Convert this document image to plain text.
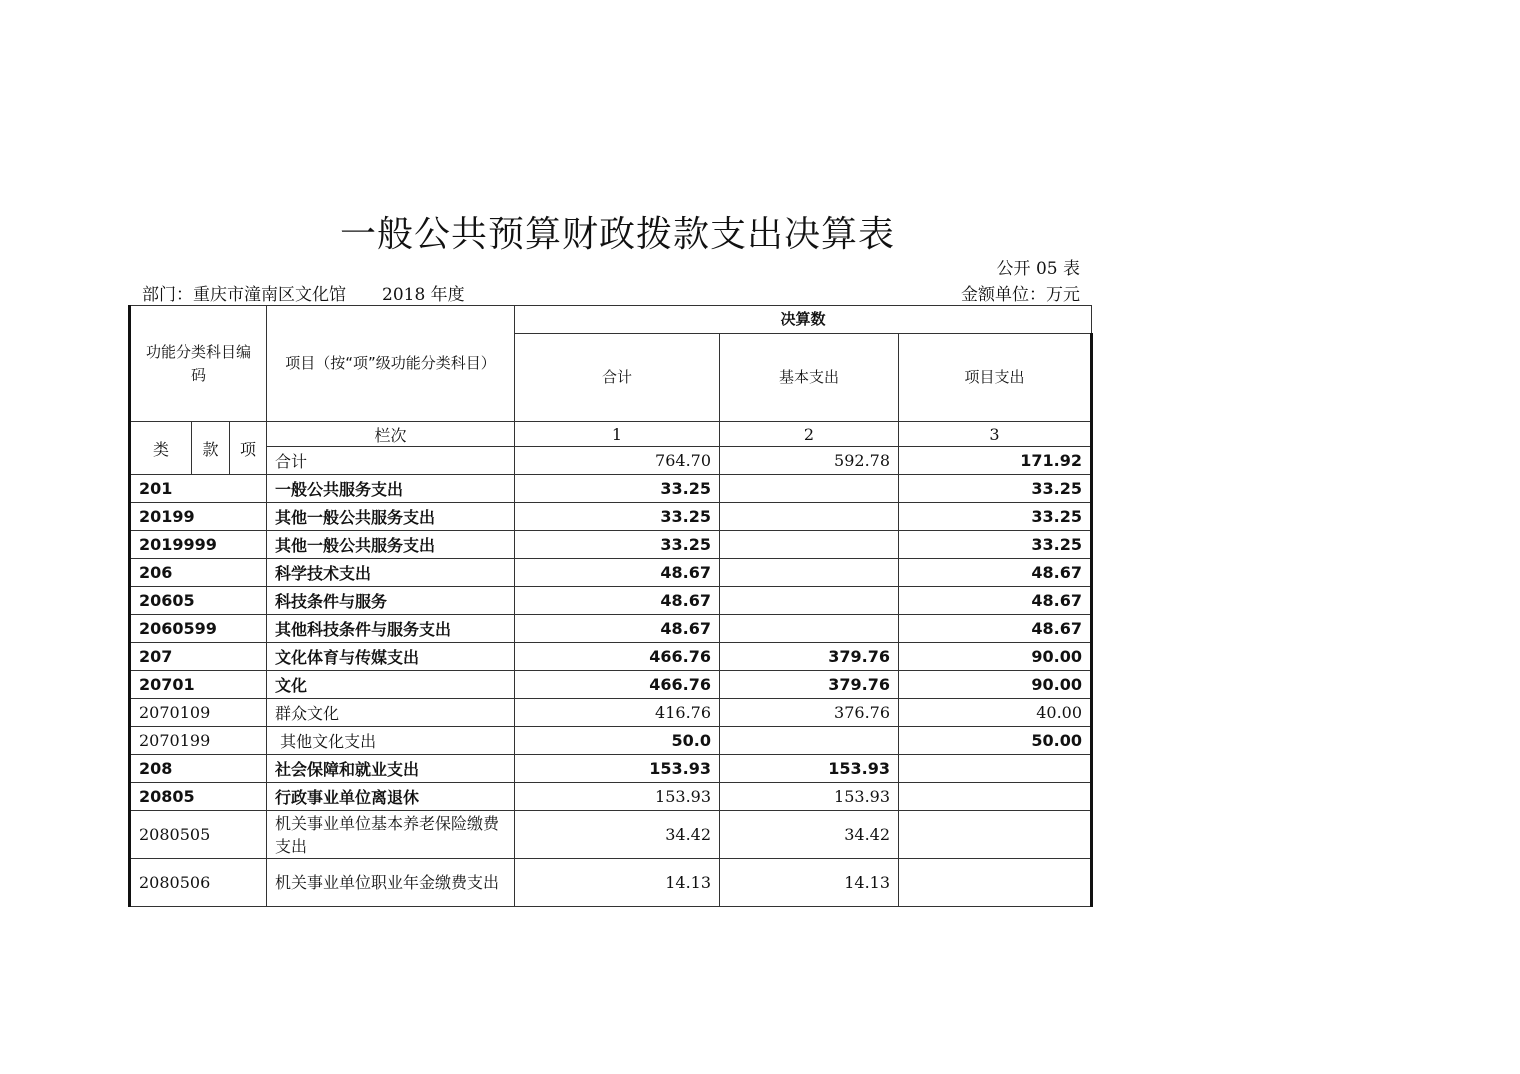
一般公共预算财政拨款支出决算表
公开 05 表
部门：重庆市潼南区文化馆 2018 年度	金额单位：万元
功能分类科目编码			项目（按“项”级功能分类科目）	决算数		
				合计	基本支出	项目支出
类	款	项	栏次	1	2	3
			合计	764.70	592.78	171.92
201			一般公共服务支出	33.25		33.25
20199			其他一般公共服务支出	33.25		33.25
2019999			其他一般公共服务支出	33.25		33.25
206			科学技术支出	48.67		48.67
20605			科技条件与服务	48.67		48.67
2060599			其他科技条件与服务支出	48.67		48.67
207			文化体育与传媒支出	466.76	379.76	90.00
20701			文化	466.76	379.76	90.00
2070109			群众文化	416.76	376.76	40.00
2070199			其他文化支出	50.0		50.00
208			社会保障和就业支出	153.93	153.93	
20805			行政事业单位离退休	153.93	153.93	
2080505			机关事业单位基本养老保险缴费支出	34.42	34.42	
2080506			机关事业单位职业年金缴费支出	14.13	14.13	
